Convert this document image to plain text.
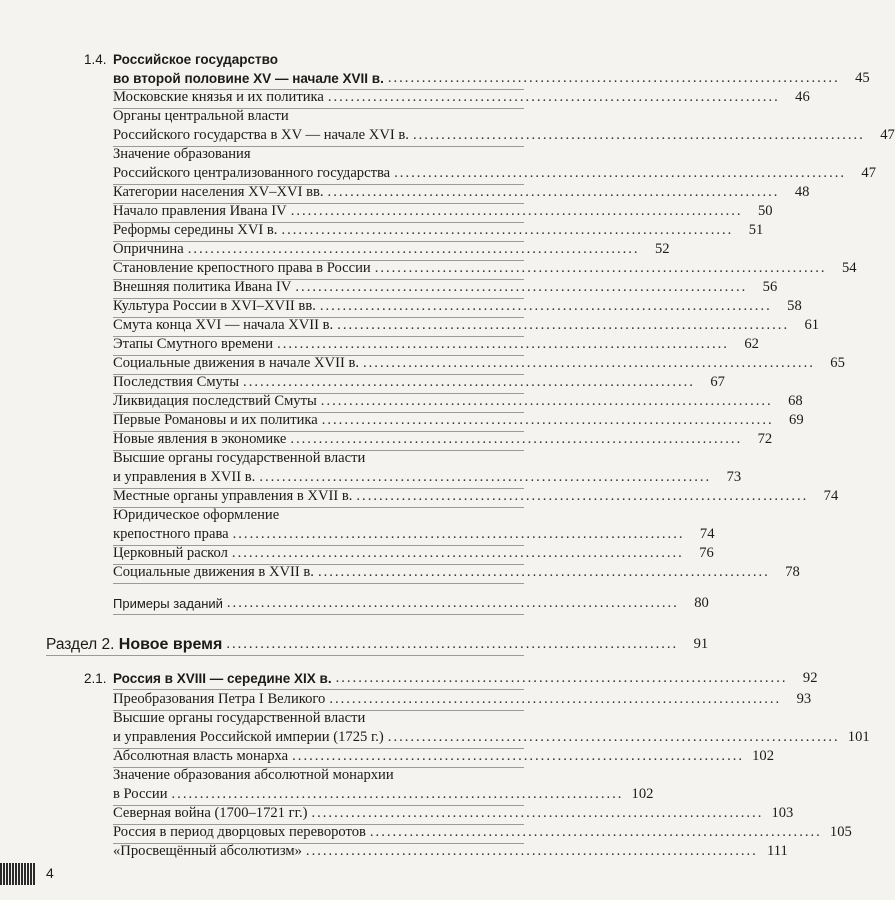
1.4. Российское государство
во второй половине XV — начале XVII в. ................................................................................	45
Московские князья и их политика ................................................................................	46
Органы центральной власти
Российского государства в XV — начале XVI в. ................................................................................	47
Значение образования
Российского централизованного государства ................................................................................	47
Категории населения XV–XVI вв. ................................................................................	48
Начало правления Ивана IV ................................................................................	50
Реформы середины XVI в. ................................................................................	51
Опричнина ................................................................................	52
Становление крепостного права в России ................................................................................	54
Внешняя политика Ивана IV ................................................................................	56
Культура России в XVI–XVII вв. ................................................................................	58
Смута конца XVI — начала XVII в. ................................................................................	61
Этапы Смутного времени ................................................................................	62
Социальные движения в начале XVII в. ................................................................................	65
Последствия Смуты ................................................................................	67
Ликвидация последствий Смуты ................................................................................	68
Первые Романовы и их политика ................................................................................	69
Новые явления в экономике ................................................................................	72
Высшие органы государственной власти
и управления в XVII в. ................................................................................	73
Местные органы управления в XVII в. ................................................................................	74
Юридическое оформление
крепостного права ................................................................................	74
Церковный раскол ................................................................................	76
Социальные движения в XVII в. ................................................................................	78
Примеры заданий ................................................................................	80
Раздел 2. Новое время ................................................................................	91
2.1. Россия в XVIII — середине XIX в. ................................................................................	92
Преобразования Петра I Великого ................................................................................	93
Высшие органы государственной власти
и управления Российской империи (1725 г.) ................................................................................ 101
Абсолютная власть монарха ................................................................................ 102
Значение образования абсолютной монархии
в России ................................................................................ 102
Северная война (1700–1721 гг.) ................................................................................ 103
Россия в период дворцовых переворотов ................................................................................ 105
«Просвещённый абсолютизм» ................................................................................ 111
4
